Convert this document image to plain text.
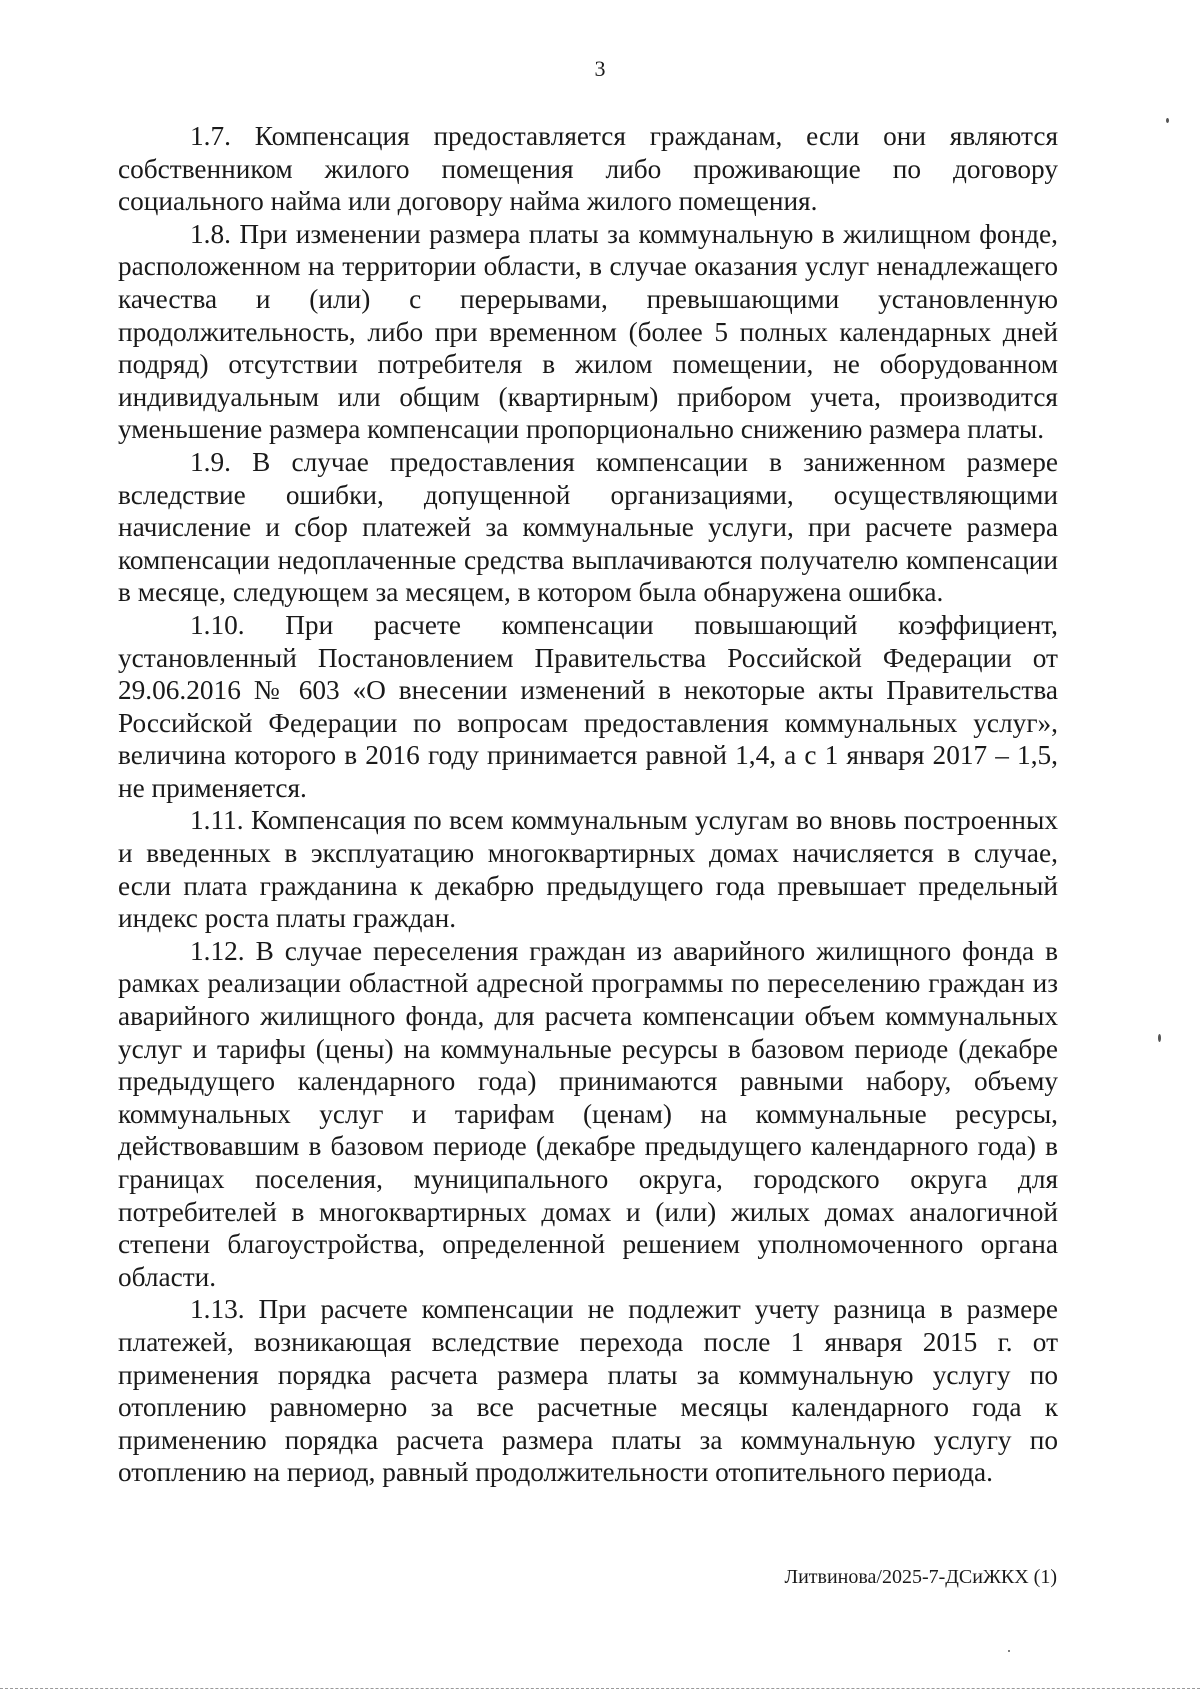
3

1.7. Компенсация предоставляется гражданам, если они являются собственником жилого помещения либо проживающие по договору социального найма или договору найма жилого помещения.

1.8. При изменении размера платы за коммунальную в жилищном фонде, расположенном на территории области, в случае оказания услуг ненадлежащего качества и (или) с перерывами, превышающими установленную продолжительность, либо при временном (более 5 полных календарных дней подряд) отсутствии потребителя в жилом помещении, не оборудованном индивидуальным или общим (квартирным) прибором учета, производится уменьшение размера компенсации пропорционально снижению размера платы.

1.9. В случае предоставления компенсации в заниженном размере вследствие ошибки, допущенной организациями, осуществляющими начисление и сбор платежей за коммунальные услуги, при расчете размера компенсации недоплаченные средства выплачиваются получателю компенсации в месяце, следующем за месяцем, в котором была обнаружена ошибка.

1.10. При расчете компенсации повышающий коэффициент, установленный Постановлением Правительства Российской Федерации от 29.06.2016 № 603 «О внесении изменений в некоторые акты Правительства Российской Федерации по вопросам предоставления коммунальных услуг», величина которого в 2016 году принимается равной 1,4, а с 1 января 2017 – 1,5, не применяется.

1.11. Компенсация по всем коммунальным услугам во вновь построенных и введенных в эксплуатацию многоквартирных домах начисляется в случае, если плата гражданина к декабрю предыдущего года превышает предельный индекс роста платы граждан.

1.12. В случае переселения граждан из аварийного жилищного фонда в рамках реализации областной адресной программы по переселению граждан из аварийного жилищного фонда, для расчета компенсации объем коммунальных услуг и тарифы (цены) на коммунальные ресурсы в базовом периоде (декабре предыдущего календарного года) принимаются равными набору, объему коммунальных услуг и тарифам (ценам) на коммунальные ресурсы, действовавшим в базовом периоде (декабре предыдущего календарного года) в границах поселения, муниципального округа, городского округа для потребителей в многоквартирных домах и (или) жилых домах аналогичной степени благоустройства, определенной решением уполномоченного органа области.

1.13. При расчете компенсации не подлежит учету разница в размере платежей, возникающая вследствие перехода после 1 января 2015 г. от применения порядка расчета размера платы за коммунальную услугу по отоплению равномерно за все расчетные месяцы календарного года к применению порядка расчета размера платы за коммунальную услугу по отоплению на период, равный продолжительности отопительного периода.

Литвинова/2025-7-ДСиЖКХ (1)
